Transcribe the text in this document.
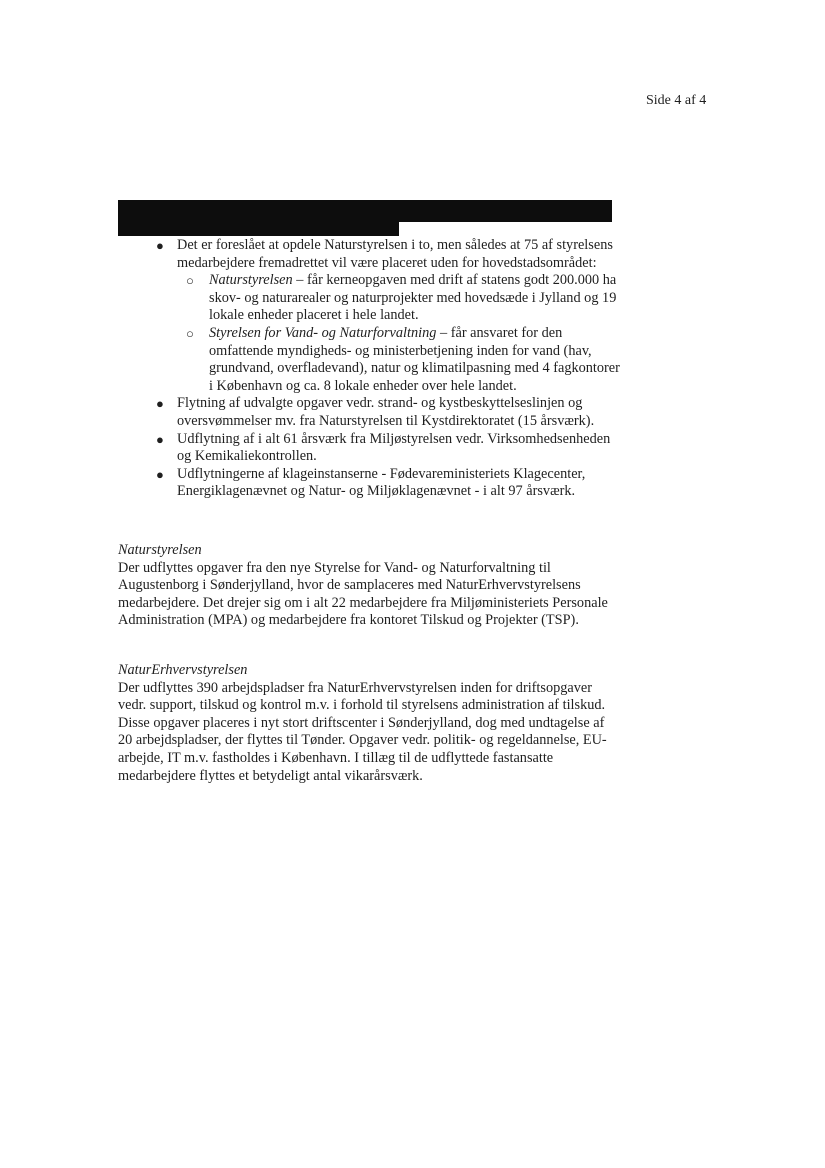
Side 4 af 4
● Det er foreslået at opdele Naturstyrelsen i to, men således at 75 af styrelsens medarbejdere fremadrettet vil være placeret uden for hovedstadsområdet:
○ Naturstyrelsen – får kerneopgaven med drift af statens godt 200.000 ha skov- og naturarealer og naturprojekter med hovedsæde i Jylland og 19 lokale enheder placeret i hele landet.
○ Styrelsen for Vand- og Naturforvaltning – får ansvaret for den omfattende myndigheds- og ministerbetjening inden for vand (hav, grundvand, overfladevand), natur og klimatilpasning med 4 fagkontorer i København og ca. 8 lokale enheder over hele landet.
● Flytning af udvalgte opgaver vedr. strand- og kystbeskyttelseslinjen og oversvømmelser mv. fra Naturstyrelsen til Kystdirektoratet (15 årsværk).
● Udflytning af i alt 61 årsværk fra Miljøstyrelsen vedr. Virksomhedsenheden og Kemikaliekontrollen.
● Udflytningerne af klageinstanserne - Fødevareministeriets Klagecenter, Energiklagenævnet og Natur- og Miljøklagenævnet - i alt 97 årsværk.

Naturstyrelsen

Der udflyttes opgaver fra den nye Styrelse for Vand- og Naturforvaltning til Augustenborg i Sønderjylland, hvor de samplaceres med NaturErhvervstyrelsens medarbejdere. Det drejer sig om i alt 22 medarbejdere fra Miljøministeriets Personale Administration (MPA) og medarbejdere fra kontoret Tilskud og Projekter (TSP).

NaturErhvervstyrelsen

Der udflyttes 390 arbejdspladser fra NaturErhvervstyrelsen inden for driftsopgaver vedr. support, tilskud og kontrol m.v. i forhold til styrelsens administration af tilskud. Disse opgaver placeres i nyt stort driftscenter i Sønderjylland, dog med undtagelse af 20 arbejdspladser, der flyttes til Tønder. Opgaver vedr. politik- og regeldannelse, EU-arbejde, IT m.v. fastholdes i København. I tillæg til de udflyttede fastansatte medarbejdere flyttes et betydeligt antal vikarårsværk.
